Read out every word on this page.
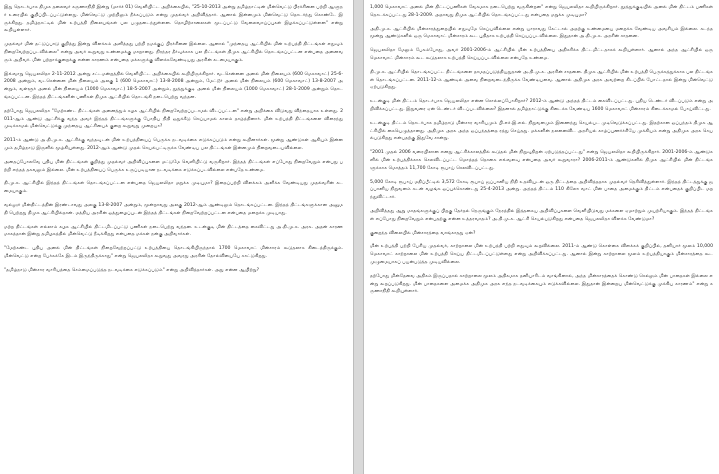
இது தொடர்பாக திமுக தலைவர் கருணாநிதி இன்று (மார்ச் 01) வெளியிட்ட அறிக்கையில், "25-10-2013 அன்று தமிழ்நாட்டின் மின்வெட்டு பிரச்சினை பற்றி ஆளுநர் உரையில் குறிப்பிடப்பட்டுள்ளது. மின்வெட்டு முற்றிலும் நீக்கப்படும் என்று முதல்வர் அறிவித்தார். ஆனால் இன்னமும் மின்வெட்டு தொடர்ந்து கொண்டே இருக்கிறது. தமிழ்நாட்டில் மின் உற்பத்தி நிலையங்கள் பல பழுதடைந்துள்ளன. தொழிற்சாலைகள் மூடப்பட்டு வேலைவாய்ப்புகள் இழக்கப்பட்டுள்ளன" என்று கூறியுள்ளார்.

முதல்வர் மின் தட்டுப்பாடு குறித்து இன்று விளக்கம் அளித்தது பற்றி நமக்குப் பிரச்சினை இல்லை. ஆனால் "முந்தைய ஆட்சியில் மின் உற்பத்தி திட்டங்கள் எதுவும் நிறைவேற்றப்படவில்லை" என்று அவர் கூறுவது உண்மைக்கு மாறானது. நிரந்தர தீர்வுக்காக பல திட்டங்கள் திமுக ஆட்சியில் தொடங்கப்பட்டன என்பதை அனைவரும் அறிவர். மின் பற்றாக்குறைக்கு என்ன காரணம் என்பதை மக்களுக்கு விளக்கவேண்டியது அரசின் கடமையாகும்.

இவ்வாறு ஜெயலலிதா 2-11-2012 அன்று சட்டமன்றத்தில் வெளியிட்ட அறிக்கையில் கூறியிருக்கிறார். வடசென்னை அனல் மின் நிலையம் (600 மெகாவாட்) 25-6-2008 அன்றும், வடசென்னை மின் நிலையம் அலகு 1 (600 மெகாவாட்) 13-8-2008 அன்றும், மேட்டூர் அனல் மின் நிலையம் (600 மெகாவாட்) 13-8-2007 அன்றும், வள்ளூர் அனல் மின் நிலையம் (1000 மெகாவாட்) 18-5-2007 அன்றும், தூத்துக்குடி அனல் மின் நிலையம் (1000 மெகாவாட்) 28-1-2009 அன்றும் தொடங்கப்பட்டன. இந்தத் திட்டங்களின் பணிகள் திமுக ஆட்சியில் தொடங்கி நடைபெற்று வந்தன.

தற்போது ஜெயலலிதா "மேற்கண்ட திட்டங்கள் அனைத்தும் கழக ஆட்சியில் நிறைவேற்றப்படாமல் விடப்பட்டன" என்று அறிக்கை விடுவது விந்தையாக உள்ளது. 2011-ஆம் ஆண்டு ஆட்சிக்கு வந்த அவர் இந்தத் திட்டங்களுக்கு போதிய நிதி ஒதுக்கீடு செய்யாமல் காலம் தாழ்த்தினார். மின் உற்பத்தி திட்டங்களை விரைந்து முடிக்காமல் மின்வெட்டுக்கு முந்தைய ஆட்சியைக் குறை கூறுவது முறையா?

2011-ம் ஆண்டு அ.தி.மு.க. ஆட்சிக்கு வந்தவுடன் மின் உற்பத்தியைப் பெருக்க நடவடிக்கை எடுக்கப்படும் என்று கூறினார்கள். மூன்று ஆண்டுகள் ஆகியும் இன்னமும் தமிழ்நாடு இருளில் மூழ்கியுள்ளது. 2012-ஆம் ஆண்டு முதல் செயல்பட்டிருக்க வேண்டிய பல திட்டங்கள் இன்னமும் நிறைவடையவில்லை.

அதைப்போலவே புதிய மின் திட்டங்கள் குறித்து முதல்வர் அறிவிப்புகளை மட்டுமே வெளியிட்டு வருகிறார். இந்தத் திட்டங்கள் எப்போது நிறைவேறும் என்பது பற்றி எந்தத் தகவலும் இல்லை. மின் உற்பத்தியைப் பெருக்க உருப்படியான நடவடிக்கை எடுக்கப்படவில்லை என்பதே உண்மை.

தி.மு.க. ஆட்சியில் இந்தத் திட்டங்கள் தொடங்கப்பட்டன என்பதை ஜெயலலிதா மறுக்க முடியுமா? இதைப்பற்றி விளக்கம் அளிக்க வேண்டியது முதல்வரின் கடமையாகும்.

வல்லூர் மின்திட்டத்தின் இரண்டாவது அலகு 13-8-2007 அன்றும், மூன்றாவது அலகு 2012-ஆம் ஆண்டிலும் தொடங்கப்பட்டன. இந்தத் திட்டங்களுக்கான அனுமதி பெற்றது திமுக ஆட்சியில்தான். மத்திய அரசின் ஒத்துழைப்புடன் இந்தத் திட்டங்கள் நிறைவேற்றப்பட்டன என்பதை மறைக்க முடியாது.

மற்ற திட்டங்கள் எல்லாம் கழக ஆட்சியில் திட்டமிடப்பட்டு பணிகள் நடைபெற்று வந்தன. உடன்குடி மின் திட்டத்தை கைவிட்டது அ.தி.மு.க. அரசு. அதன் காரணமாகத்தான் இன்று தமிழகத்தில் மின்வெட்டு நீடிக்கிறது என்பதை மக்கள் நன்கு அறிவார்கள்.

"மேற்கண்ட புதிய அனல் மின் திட்டங்கள் நிறைவேற்றப்பட்டு உற்பத்தியை தொடங்கியிருந்தால் 1700 மெகாவாட் மின்சாரம் கூடுதலாக கிடைத்திருக்கும். மின்வெட்டு என்ற பேச்சுக்கே இடம் இருந்திருக்காது" என்று ஜெயலலிதா கூறுவது அவரது அரசின் தோல்வியையே காட்டுகிறது.

"தமிழ்நாடு மின்சார வாரியத்தை செம்மைப்படுத்த நடவடிக்கை எடுக்கப்படும்" என்று அறிவித்தார்கள். அது என்ன ஆயிற்று?

1,000 மெகாவாட் அனல் மின் திட்டப்பணிகள் வேகமாக நடைபெற்று வருகின்றன" என்று ஜெயலலிதா கூறியிருக்கிறார். தூத்துக்குடியில் அனல் மின் திட்டம் பணிகள் தொடக்கப்பட்டது 28-1-2009. அதாவது திமுக ஆட்சியில் தொடங்கப்பட்டது என்பதை மறுக்க முடியுமா?

அதி.மு.க. ஆட்சியில் மின்சாரத்துறையில் எதுவுமே செய்யவில்லை என்று யாராவது கேட்டால் அதற்கு உண்மையை மறைக்க வேண்டிய அவசியம் இல்லை. கடந்த மூன்று ஆண்டுகளில் ஒரு மெகாவாட் மின்சாரம் கூட புதிதாக உற்பத்தி செய்யப்படவில்லை. இதுதான் அ.தி.மு.க. அரசின் சாதனை.

ஜெயலலிதா மேலும் பேசும்போது, அவர் 2001-2006-ம் ஆட்சியில் மின் உற்பத்தியை அதிகரிக்க திட்டமிட்டதாகக் கூறியுள்ளார். ஆனால் அந்த ஆட்சியில் ஒரு மெகாவாட் மின்சாரம் கூட கூடுதலாக உற்பத்தி செய்யப்படவில்லை என்பதே உண்மை.

தி.மு.க. ஆட்சியில் தொடங்கப்பட்ட திட்டங்களை தாமதப்படுத்தியதுதான் அ.தி.மு.க. அரசின் சாதனை. திமுக ஆட்சியில் மின் உற்பத்தி பெருக்கத்துக்காக பல திட்டங்கள் தொடங்கப்பட்டன. 2011-12-ம் ஆண்டில் அவை நிறைவடைந்திருக்க வேண்டியவை. ஆனால் அதிமுக அரசு அவற்றை கிடப்பில் போட்டதால் இன்று மின்வெட்டு ஏற்படுகிறது.

உடன்குடி மின் திட்டம் தொடர்பாக ஜெயலலிதா என்ன சொல்லப்போகிறார்? 2012-ம் ஆண்டு அந்தத் திட்டம் கைவிடப்பட்டது. புதிய டெண்டர் விடப்படும் என்று அறிவிக்கப்பட்டது. இதுவரை ஏன் டெண்டர் விடப்படவில்லை? இதனால் தமிழ்நாட்டுக்கு கிடைக்க வேண்டிய 1600 மெகாவாட் மின்சாரம் கிடைக்காமல் போய்விட்டது.

உடன்குடி திட்டம் தொடர்பாக தமிழ்நாடு மின்சார வாரியமும் பி.எச்.இ.எல். நிறுவனமும் இணைந்து செயல்பட முடிவெடுக்கப்பட்டது. இதற்கான ஒப்பந்தம் திமுக ஆட்சியில் கையெழுத்தானது. அதிமுக அரசு அந்த ஒப்பந்தத்தை ரத்து செய்தது. மக்களின் நலனைவிட அரசியல் காழ்ப்புணர்ச்சியே முக்கியம் என்று அதிமுக அரசு செயல்படுகிறது என்பதற்கு இதுவே சான்று.

"2001 முதல் 2006 வரையிலான எனது ஆட்சிக்காலத்தில் கூடுதல் மின் நிறுவுதிறன் ஏற்படுத்தப்பட்டது" என்று ஜெயலலிதா கூறியிருக்கிறார். 2001-2006-ம் ஆண்டுகளில் மின் உற்பத்திக்காக செலவிடப்பட்ட மொத்தத் தொகை எவ்வளவு என்பதை அவர் கூறுவாரா? 2006-2011-ம் ஆண்டுகளில் திமுக ஆட்சியில் மின் திட்டங்களுக்காக மொத்தம் 11,700 கோடி ரூபாய் செலவிடப்பட்டது.

5,000 கோடி ரூபாய் மதிப்பீட்டில் 3,572 கோடி ரூபாய் ஜப்பானிய நிதி உதவியுடன் ஒரு திட்டத்தை அறிவித்ததாக முதல்வர் தெரிவித்துள்ளார். இந்தத் திட்டத்துக்கு ஜப்பானிய நிறுவனம் கடன் வழங்க ஒப்புக்கொண்டது 25-4-2013 அன்று. அந்தத் திட்டம் 110 கிலோ வாட் மின் பாதை அமைக்கும் திட்டம் என்பதைக் குறிப்பிட மறந்துவிட்டார்.

அறிவித்தது ஆறு மாதங்களுக்குப் பிறகு தேர்தல் நெருங்கும் நேரத்தில் இத்தகைய அறிவிப்புகளை வெளியிடுவது மக்களை ஏமாற்றும் முயற்சியாகும். இந்தத் திட்டங்கள் எப்போது நிறைவேறும் என்பதற்கு என்ன உத்தரவாதம்? அ.தி.மு.க. ஆட்சி செயல்படுகிறது என்பதை ஜெயலலிதா விளக்க வேண்டுமா?

குறைந்த விலையில் மின்சாரத்தை வாங்காதது ஏன்?

மின் உற்பத்தி பற்றி பேசிய முதல்வர், காற்றாலை மின் உற்பத்தி பற்றி எதுவும் கூறவில்லை. 2011-ம் ஆண்டு கொள்கை விளக்கக் குறிப்பில், தனியார் மூலம் 10,000 மெகாவாட் காற்றாலை மின் உற்பத்தி செய்ய திட்டமிடப்பட்டுள்ளது என்று அறிவிக்கப்பட்டது. ஆனால் இன்று காற்றாலை மூலம் உற்பத்தியாகும் மின்சாரத்தை கூட முழுமையாகப் பயன்படுத்த முடியவில்லை.

தற்போது மின்தேவை அதிகம் இருப்பதால் காற்றாலை மூலம் அதிகமாக தனியாரிடம் வாங்கினால், அந்த மின்சாரத்தைக் கொண்டு செல்லும் மின் பாதைகள் இல்லை என்று கூறப்படுகிறது. மின் பாதைகளை அமைக்க அதிமுக அரசு எந்த நடவடிக்கையும் எடுக்கவில்லை. இதுதான் இன்றைய மின்வெட்டுக்கு முக்கிய காரணம்" என்று கருணாநிதி கூறியுள்ளார்.
